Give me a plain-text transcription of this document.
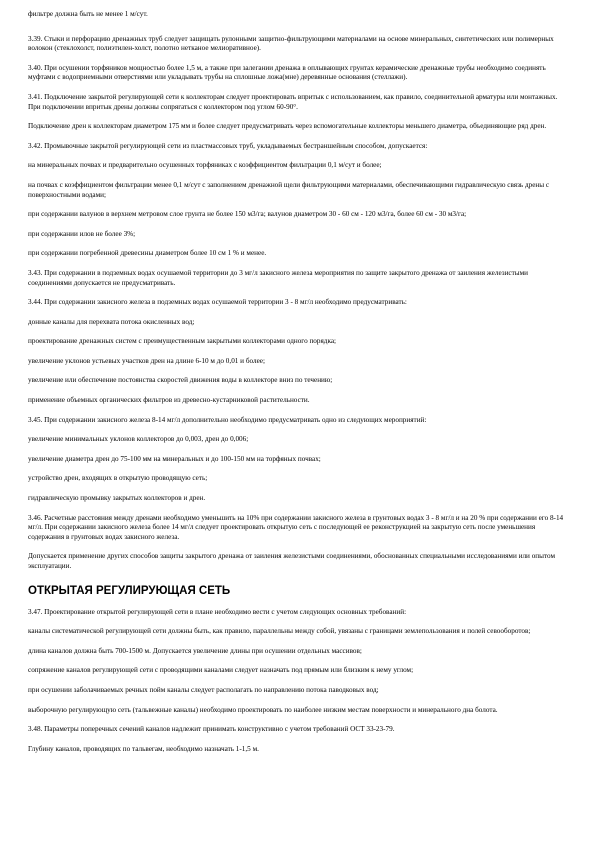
фильтре должна быть не менее 1 м/сут.

3.39. Стыки и перфорацию дренажных труб следует защищать рулонными защитно-фильтрующими материалами на основе минеральных, синтетических или полимерных волокон (стеклохолст, полиэтилен-холст, полотно нетканое мелиоративное).

3.40. При осушении торфяников мощностью более 1,5 м, а также при залегании дренажа в оплывающих грунтах керамические дренажные трубы необходимо соединять муфтами с водоприемными отверстиями или укладывать трубы на сплошные ложа(мне) деревянные основания (стеллажи).

3.41. Подключение закрытой регулирующей сети к коллекторам следует проектировать впритык с использованием, как правило, соединительной арматуры или монтажных. При подключении впритык дрены должны сопрягаться с коллектором под углом 60-90°.

Подключение дрен к коллекторам диаметром 175 мм и более следует предусматривать через вспомогательные коллекторы меньшего диаметра, объединяющие ряд дрен.

3.42. Промывочные закрытой регулирующей сети из пластмассовых труб, укладываемых бестраншейным способом, допускается:

на минеральных почвах и предварительно осушенных торфяниках с коэффициентом фильтрации 0,1 м/сут и более;

на почвах с коэффициентом фильтрации менее 0,1 м/сут с заполнением дренажной щели фильтрующими материалами, обеспечивающими гидравлическую связь дрены с поверхностными водами;

при содержании валунов в верхнем метровом слое грунта не более 150 м3/га; валунов диаметром 30 - 60 см - 120 м3/га, более 60 см - 30 м3/га;

при содержании илов не более 3%;

при содержании погребенной древесины диаметром более 10 см 1 % и менее.

3.43. При содержании в подземных водах осушаемой территории до 3 мг/л закисного железа мероприятия по защите закрытого дренажа от заиления железистыми соединениями допускается не предусматривать.

3.44. При содержании закисного железа в подземных водах осушаемой территории 3 - 8 мг/л необходимо предусматривать:

донные каналы для перехвата потока окисленных вод;

проектирование дренажных систем с преимущественным закрытыми коллекторами одного порядка;

увеличение уклонов устьевых участков дрен на длине 6-10 м до 0,01 и более;

увеличение или обеспечение постоянства скоростей движения воды в коллекторе вниз по течению;

применение объемных органических фильтров из древесно-кустарниковой растительности.

3.45. При содержании закисного железа 8-14 мг/л дополнительно необходимо предусматривать одно из следующих мероприятий:

увеличение минимальных уклонов коллекторов до 0,003, дрен до 0,006;

увеличение диаметра дрен до 75-100 мм на минеральных и до 100-150 мм на торфяных почвах;

устройство дрен, входящих в открытую проводящую сеть;

гидравлическую промывку закрытых коллекторов и дрен.

3.46. Расчетные расстояния между дренами необходимо уменьшить на 10% при содержании закисного железа в грунтовых водах 3 - 8 мг/л и на 20 % при содержании его 8-14 мг/л. При содержании закисного железа более 14 мг/л следует проектировать открытую сеть с последующей ее реконструкцией на закрытую сеть после уменьшения содержания в грунтовых водах закисного железа.

Допускается применение других способов защиты закрытого дренажа от заиления железистыми соединениями, обоснованных специальными исследованиями или опытом эксплуатации.

ОТКРЫТАЯ РЕГУЛИРУЮЩАЯ СЕТЬ

3.47. Проектирование открытой регулирующей сети в плане необходимо вести с учетом следующих основных требований:

каналы систематической регулирующей сети должны быть, как правило, параллельны между собой, увязаны с границами землепользования и полей севооборотов;

длина каналов должна быть 700-1500 м. Допускается увеличение длины при осушении отдельных массивов;

сопряжение каналов регулирующей сети с проводящими каналами следует назначать под прямым или близким к нему углом;

при осушении заболачиваемых речных пойм каналы следует располагать по направлению потока паводковых вод;

выборочную регулирующую сеть (тальвежные каналы) необходимо проектировать по наиболее низким местам поверхности и минерального дна болота.

3.48. Параметры поперечных сечений каналов надлежит принимать конструктивно с учетом требований ОСТ 33-23-79.

Глубину каналов, проводящих по тальвегам, необходимо назначать 1-1,5 м.
